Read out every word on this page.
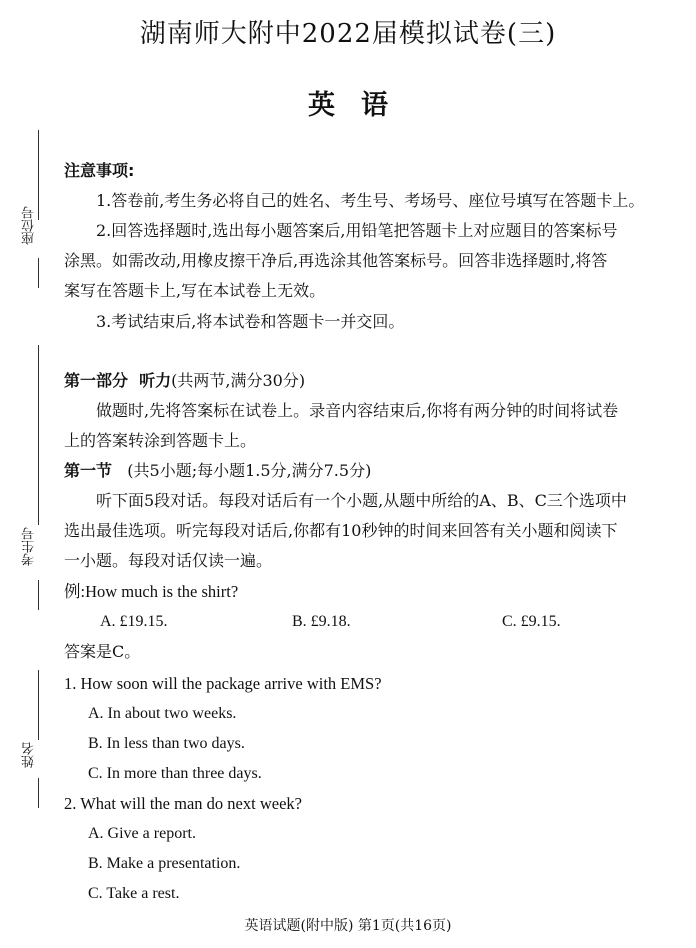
湖南师大附中2022届模拟试卷(三)
英语
座位号
考生号
姓名
注意事项:
1.答卷前,考生务必将自己的姓名、考生号、考场号、座位号填写在答题卡上。
2.回答选择题时,选出每小题答案后,用铅笔把答题卡上对应题目的答案标号
涂黑。如需改动,用橡皮擦干净后,再选涂其他答案标号。回答非选择题时,将答
案写在答题卡上,写在本试卷上无效。
3.考试结束后,将本试卷和答题卡一并交回。
第一部分  听力(共两节,满分30分)
做题时,先将答案标在试卷上。录音内容结束后,你将有两分钟的时间将试卷
上的答案转涂到答题卡上。
第一节 (共5小题;每小题1.5分,满分7.5分)
听下面5段对话。每段对话后有一个小题,从题中所给的A、B、C三个选项中
选出最佳选项。听完每段对话后,你都有10秒钟的时间来回答有关小题和阅读下
一小题。每段对话仅读一遍。
例:How much is the shirt?
A. £19.15.	B. £9.18.	C. £9.15.
答案是C。
1. How soon will the package arrive with EMS?
A. In about two weeks.
B. In less than two days.
C. In more than three days.
2. What will the man do next week?
A. Give a report.
B. Make a presentation.
C. Take a rest.
英语试题(附中版) 第1页(共16页)
